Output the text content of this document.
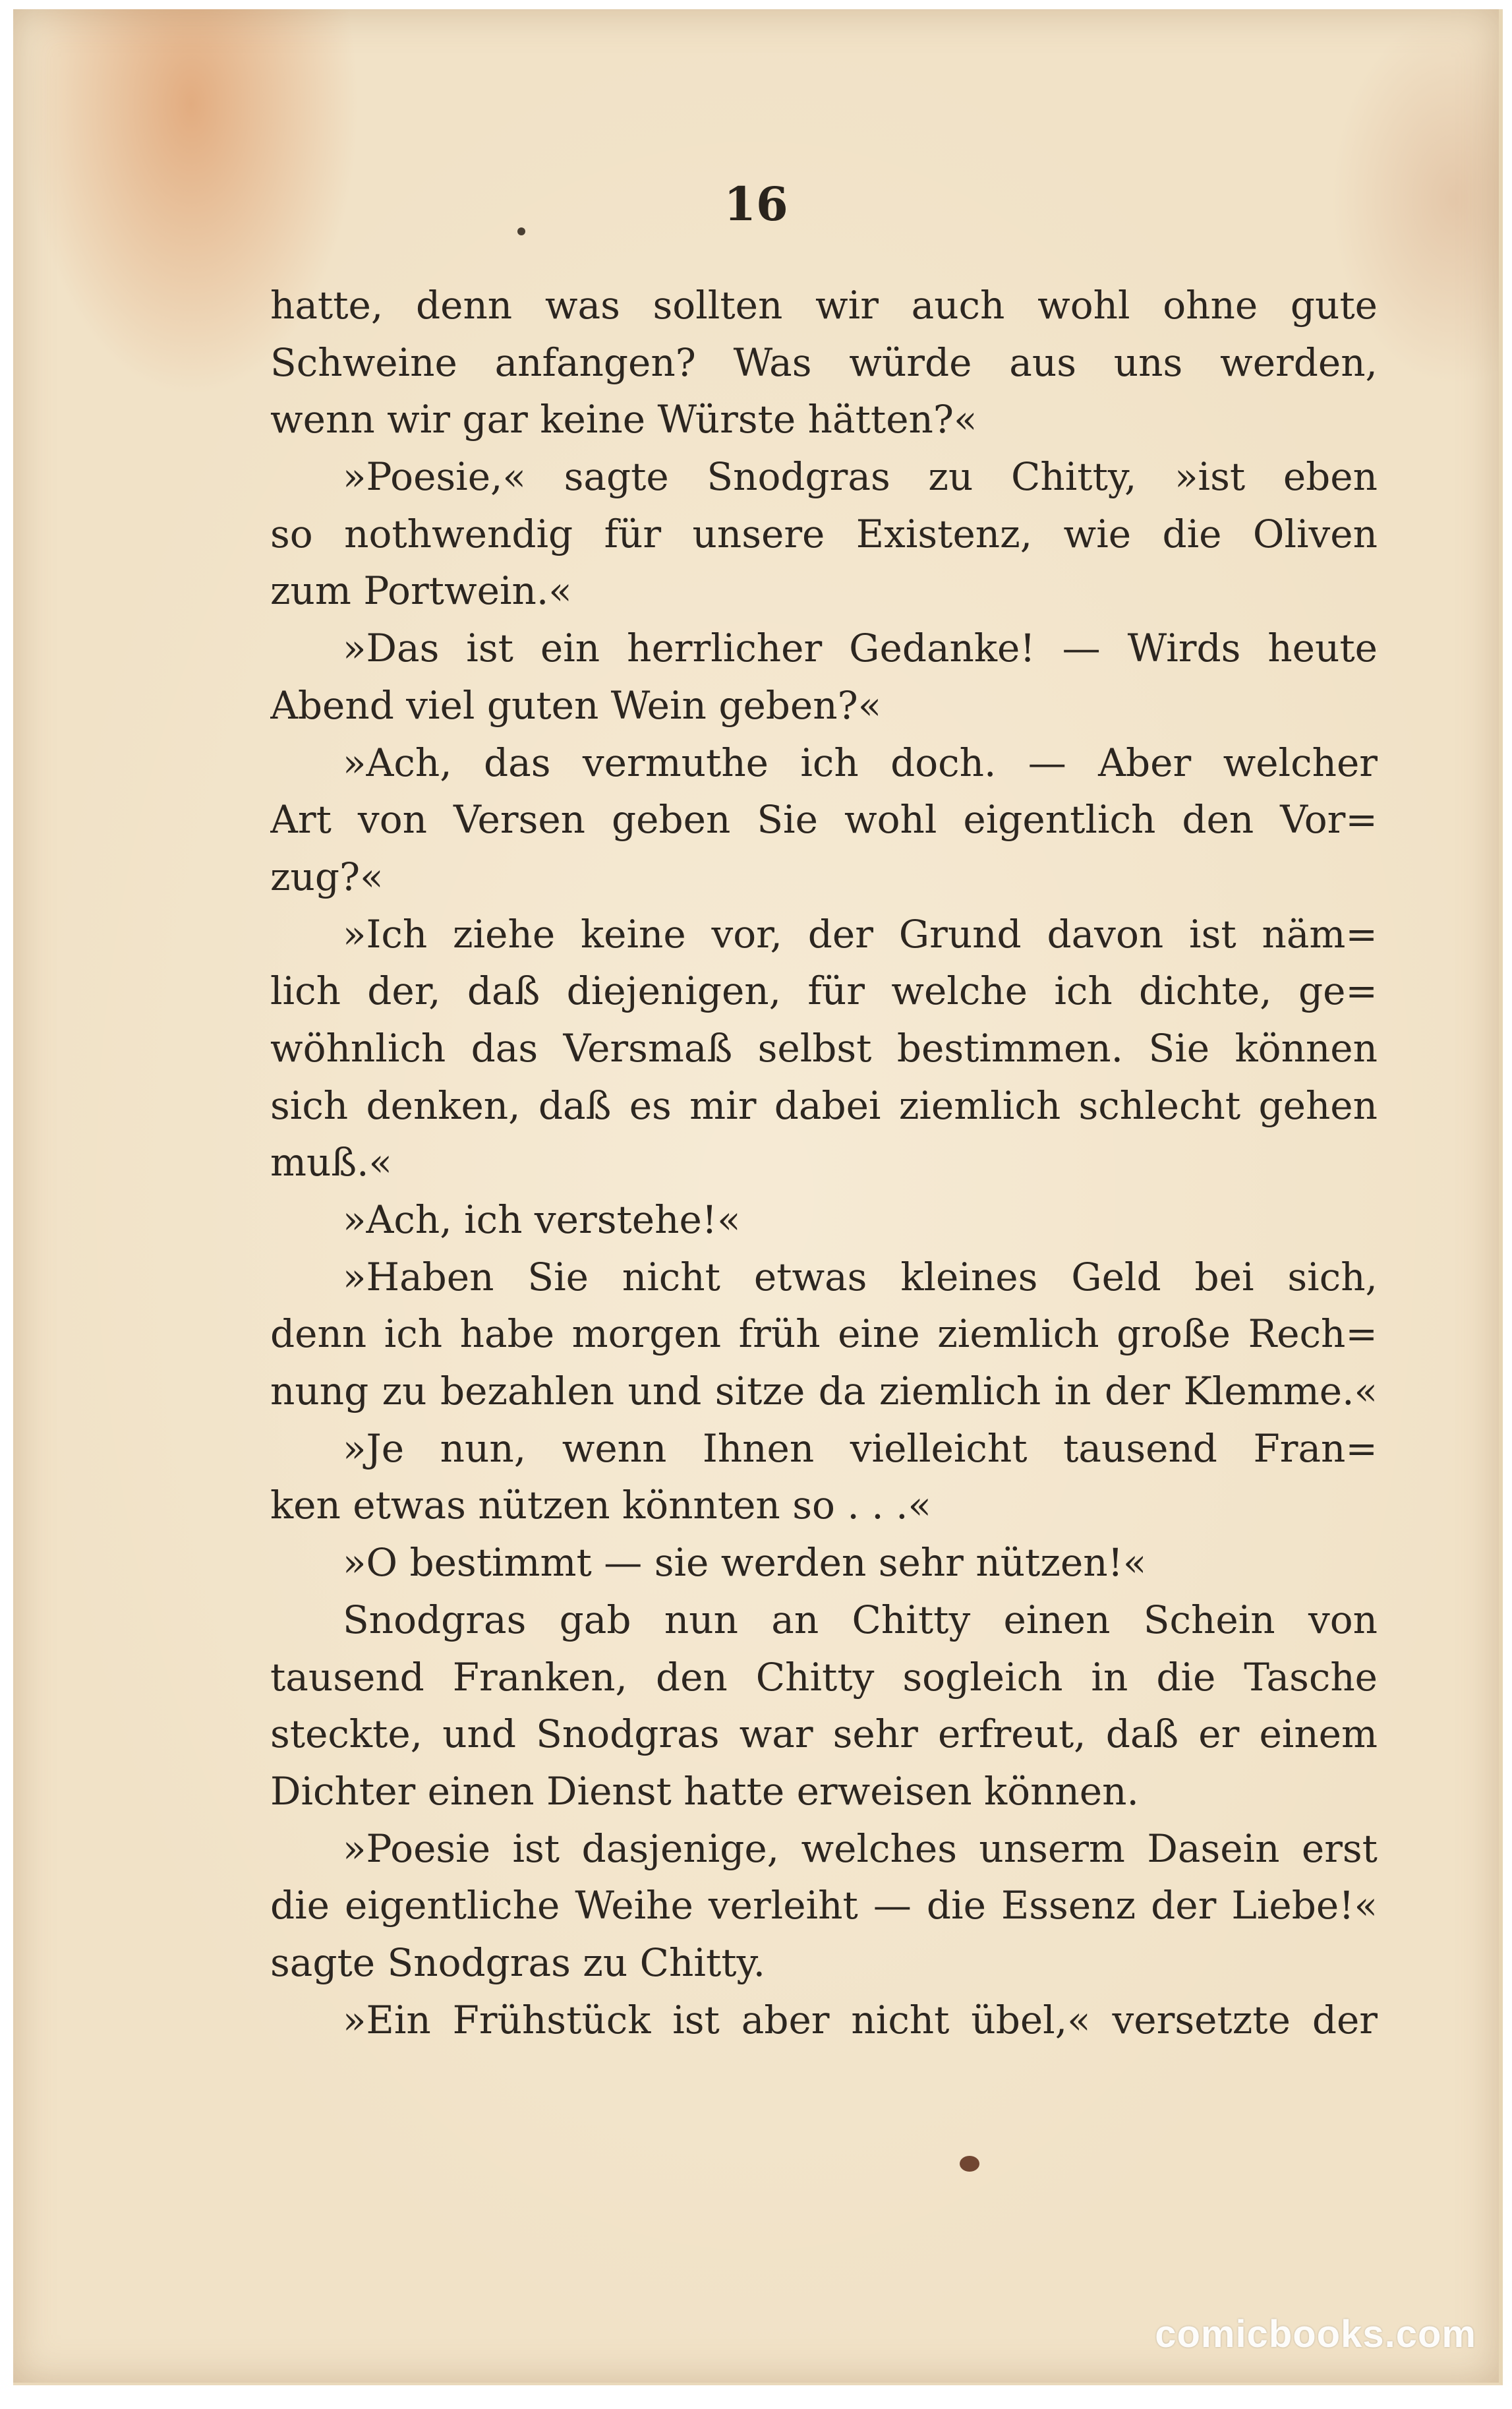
16
hatte, denn was sollten wir auch wohl ohne gute
Schweine anfangen? Was würde aus uns werden,
wenn wir gar keine Würste hätten?«
»Poesie,« sagte Snodgras zu Chitty, »ist eben
so nothwendig für unsere Existenz, wie die Oliven
zum Portwein.«
»Das ist ein herrlicher Gedanke! — Wirds heute
Abend viel guten Wein geben?«
»Ach, das vermuthe ich doch. — Aber welcher
Art von Versen geben Sie wohl eigentlich den Vor=
zug?«
»Ich ziehe keine vor, der Grund davon ist näm=
lich der, daß diejenigen, für welche ich dichte, ge=
wöhnlich das Versmaß selbst bestimmen. Sie können
sich denken, daß es mir dabei ziemlich schlecht gehen
muß.«
»Ach, ich verstehe!«
»Haben Sie nicht etwas kleines Geld bei sich,
denn ich habe morgen früh eine ziemlich große Rech=
nung zu bezahlen und sitze da ziemlich in der Klemme.«
»Je nun, wenn Ihnen vielleicht tausend Fran=
ken etwas nützen könnten so . . .«
»O bestimmt — sie werden sehr nützen!«
Snodgras gab nun an Chitty einen Schein von
tausend Franken, den Chitty sogleich in die Tasche
steckte, und Snodgras war sehr erfreut, daß er einem
Dichter einen Dienst hatte erweisen können.
»Poesie ist dasjenige, welches unserm Dasein erst
die eigentliche Weihe verleiht — die Essenz der Liebe!«
sagte Snodgras zu Chitty.
»Ein Frühstück ist aber nicht übel,« versetzte der
comicbooks.com
